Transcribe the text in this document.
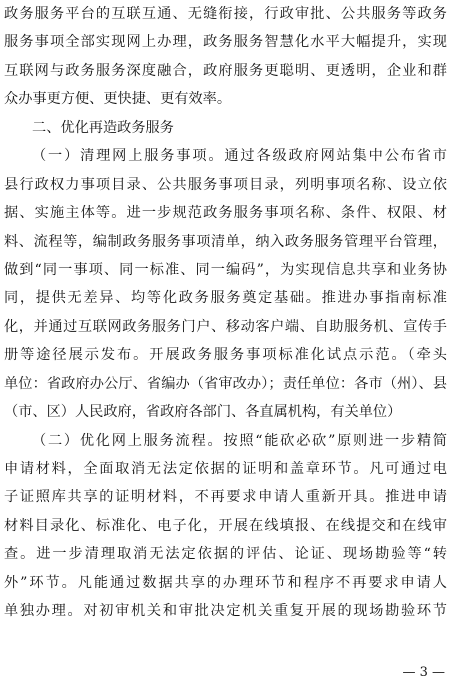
政务服务平台的互联互通、无缝衔接，行政审批、公共服务等政务
服务事项全部实现网上办理，政务服务智慧化水平大幅提升，实现
互联网与政务服务深度融合，政府服务更聪明、更透明，企业和群
众办事更方便、更快捷、更有效率。
二、优化再造政务服务
（一）清理网上服务事项。通过各级政府网站集中公布省市
县行政权力事项目录、公共服务事项目录，列明事项名称、设立依
据、实施主体等。进一步规范政务服务事项名称、条件、权限、材
料、流程等，编制政务服务事项清单，纳入政务服务管理平台管理，
做到“同一事项、同一标准、同一编码”，为实现信息共享和业务协
同，提供无差异、均等化政务服务奠定基础。推进办事指南标准
化，并通过互联网政务服务门户、移动客户端、自助服务机、宣传手
册等途径展示发布。开展政务服务事项标准化试点示范。（牵头
单位：省政府办公厅、省编办（省审改办）；责任单位：各市（州）、县
（市、区）人民政府，省政府各部门、各直属机构，有关单位）
（二）优化网上服务流程。按照“能砍必砍”原则进一步精简
申请材料，全面取消无法定依据的证明和盖章环节。凡可通过电
子证照库共享的证明材料，不再要求申请人重新开具。推进申请
材料目录化、标准化、电子化，开展在线填报、在线提交和在线审
查。进一步清理取消无法定依据的评估、论证、现场勘验等“转
外”环节。凡能通过数据共享的办理环节和程序不再要求申请人
单独办理。对初审机关和审批决定机关重复开展的现场勘验环节
— 3 —
